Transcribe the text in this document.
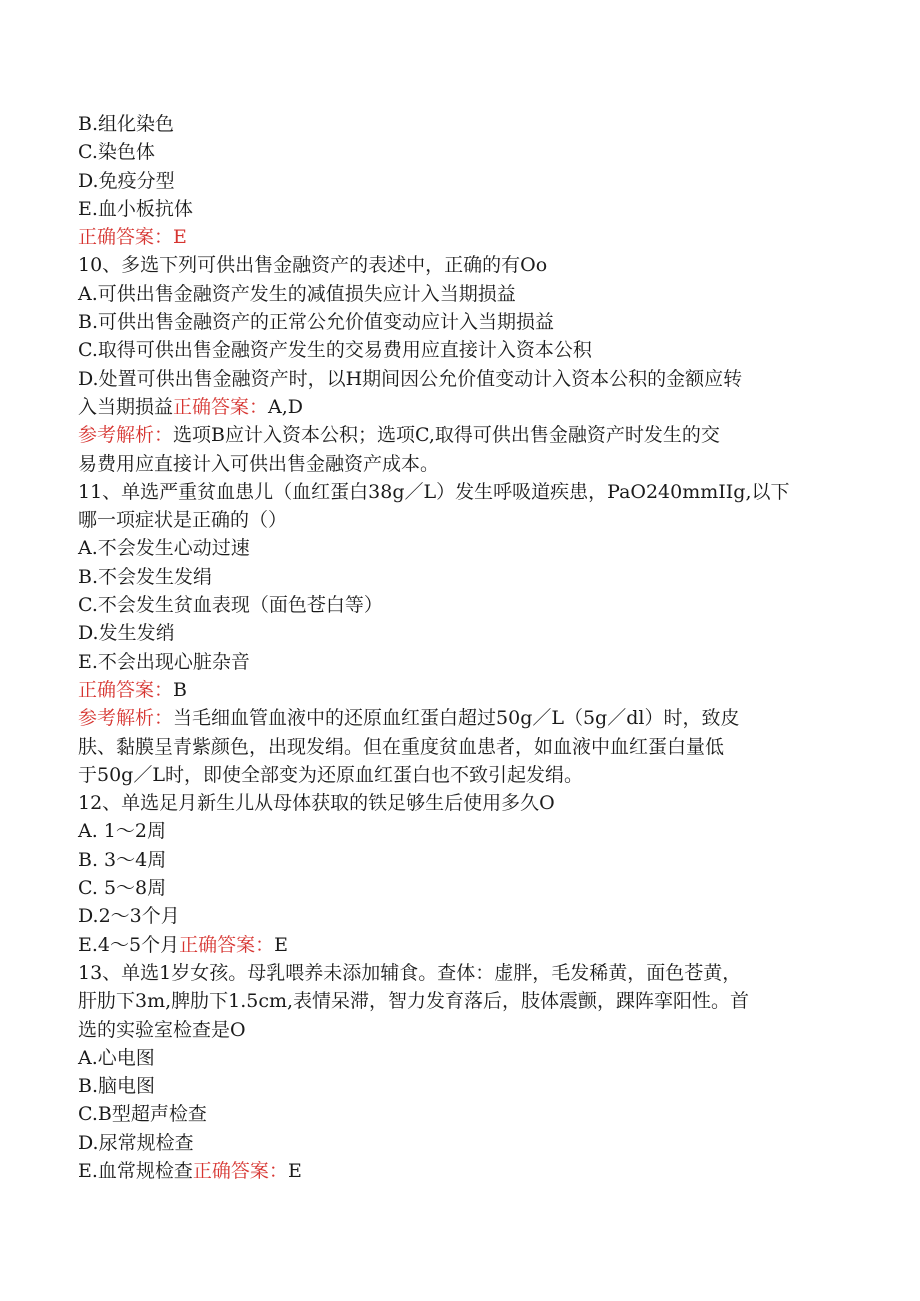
B.组化染色

C.染色体

D.免疫分型

E.血小板抗体

正确答案：E

10、多选下列可供出售金融资产的表述中，正确的有Oo

A.可供出售金融资产发生的减值损失应计入当期损益

B.可供出售金融资产的正常公允价值变动应计入当期损益

C.取得可供出售金融资产发生的交易费用应直接计入资本公积

D.处置可供出售金融资产时，以H期间因公允价值变动计入资本公积的金额应转

入当期损益正确答案：A,D

参考解析：选项B应计入资本公积；选项C,取得可供出售金融资产时发生的交

易费用应直接计入可供出售金融资产成本。

11、单选严重贫血患儿（血红蛋白38g／L）发生呼吸道疾患，PaO240mmIIg,以下

哪一项症状是正确的（）

A.不会发生心动过速

B.不会发生发绢

C.不会发生贫血表现（面色苍白等）

D.发生发绡

E.不会出现心脏杂音

正确答案：B

参考解析：当毛细血管血液中的还原血红蛋白超过50g／L（5g／dl）时，致皮

肤、黏膜呈青紫颜色，出现发绢。但在重度贫血患者，如血液中血红蛋白量低

于50g／L时，即使全部变为还原血红蛋白也不致引起发绢。

12、单选足月新生儿从母体获取的铁足够生后使用多久O

A. 1～2周

B. 3～4周

C. 5～8周

D.2～3个月

E.4～5个月正确答案：E

13、单选1岁女孩。母乳喂养未添加辅食。查体：虚胖，毛发稀黄，面色苍黄，

肝肋下3m,脾肋下1.5cm,表情呆滞，智力发育落后，肢体震颤，踝阵挛阳性。首

选的实验室检查是O

A.心电图

B.脑电图

C.B型超声检查

D.尿常规检查

E.血常规检查正确答案：E
